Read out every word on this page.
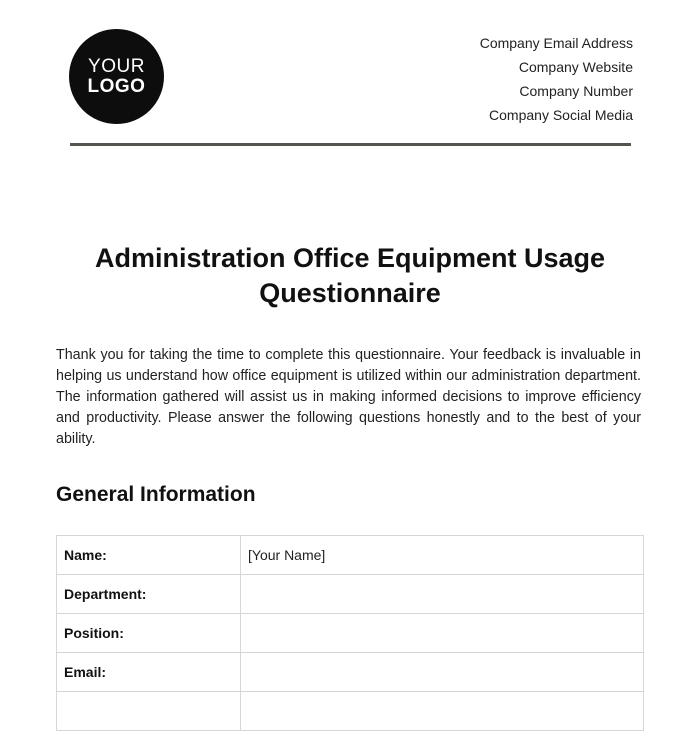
YOUR
LOGO
Company Email Address
Company Website
Company Number
Company Social Media
Administration Office Equipment Usage Questionnaire
Thank you for taking the time to complete this questionnaire. Your feedback is invaluable in helping us understand how office equipment is utilized within our administration department. The information gathered will assist us in making informed decisions to improve efficiency and productivity. Please answer the following questions honestly and to the best of your ability.
General Information
Name:	[Your Name]
Department:	
Position:	
Email:	
